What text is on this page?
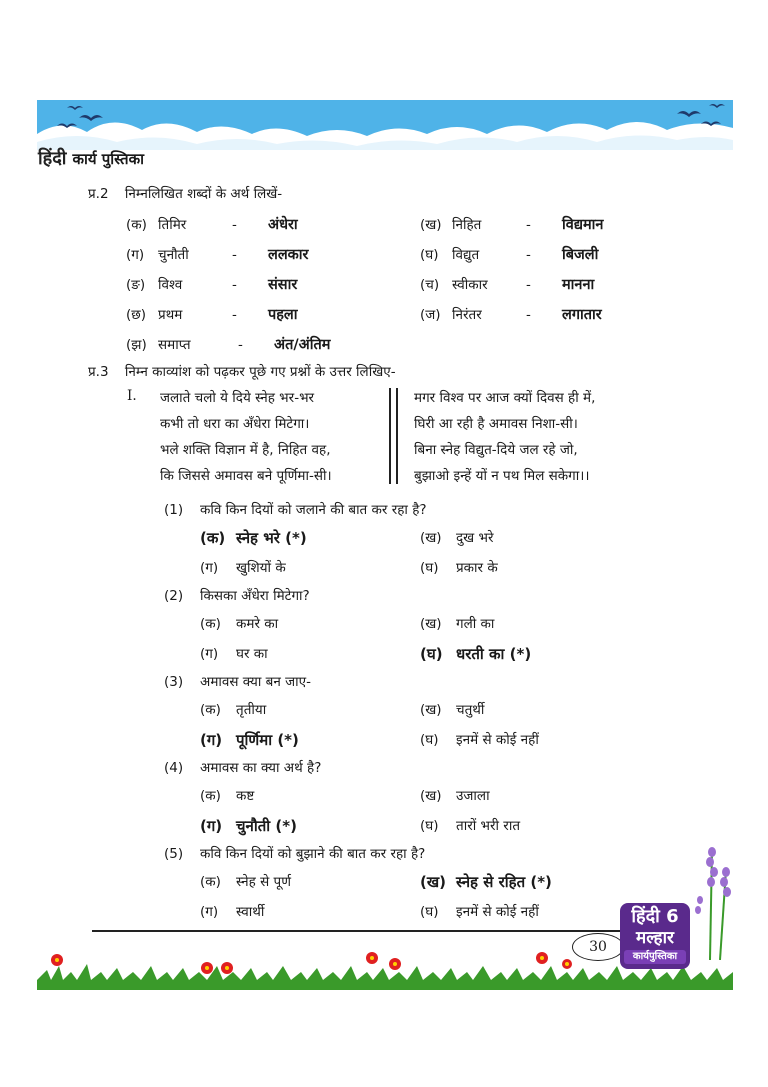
हिंदी कार्य पुस्तिका
प्र.2 निम्नलिखित शब्दों के अर्थ लिखें-
(क) तिमिर	- अंधेरा	(ख) निहित	- विद्यमान
(ग) चुनौती	- ललकार	(घ) विद्युत	- बिजली
(ङ) विश्व	- संसार	(च) स्वीकार	- मानना
(छ) प्रथम	- पहला	(ज) निरंतर	- लगातार
(झ) समाप्त	- अंत/अंतिम
प्र.3 निम्न काव्यांश को पढ़कर पूछे गए प्रश्नों के उत्तर लिखिए-
I. जलाते चलो ये दिये स्नेह भर-भर
कभी तो धरा का अँधेरा मिटेगा।
भले शक्ति विज्ञान में है, निहित वह,
कि जिससे अमावस बने पूर्णिमा-सी।
मगर विश्व पर आज क्यों दिवस ही में,
घिरी आ रही है अमावस निशा-सी।
बिना स्नेह विद्युत-दिये जल रहे जो,
बुझाओ इन्हें यों न पथ मिल सकेगा।।
(1) कवि किन दियों को जलाने की बात कर रहा है?
(क) स्नेह भरे (*)	(ख) दुख भरे
(ग) खुशियों के	(घ) प्रकार के
(2) किसका अँधेरा मिटेगा?
(क) कमरे का	(ख) गली का
(ग) घर का	(घ) धरती का (*)
(3) अमावस क्या बन जाए-
(क) तृतीया	(ख) चतुर्थी
(ग) पूर्णिमा (*)	(घ) इनमें से कोई नहीं
(4) अमावस का क्या अर्थ है?
(क) कष्ट	(ख) उजाला
(ग) चुनौती (*)	(घ) तारों भरी रात
(5) कवि किन दियों को बुझाने की बात कर रहा है?
(क) स्नेह से पूर्ण	(ख) स्नेह से रहित (*)
(ग) स्वार्थी	(घ) इनमें से कोई नहीं
30
हिंदी 6
मल्हार
कार्यपुस्तिका
